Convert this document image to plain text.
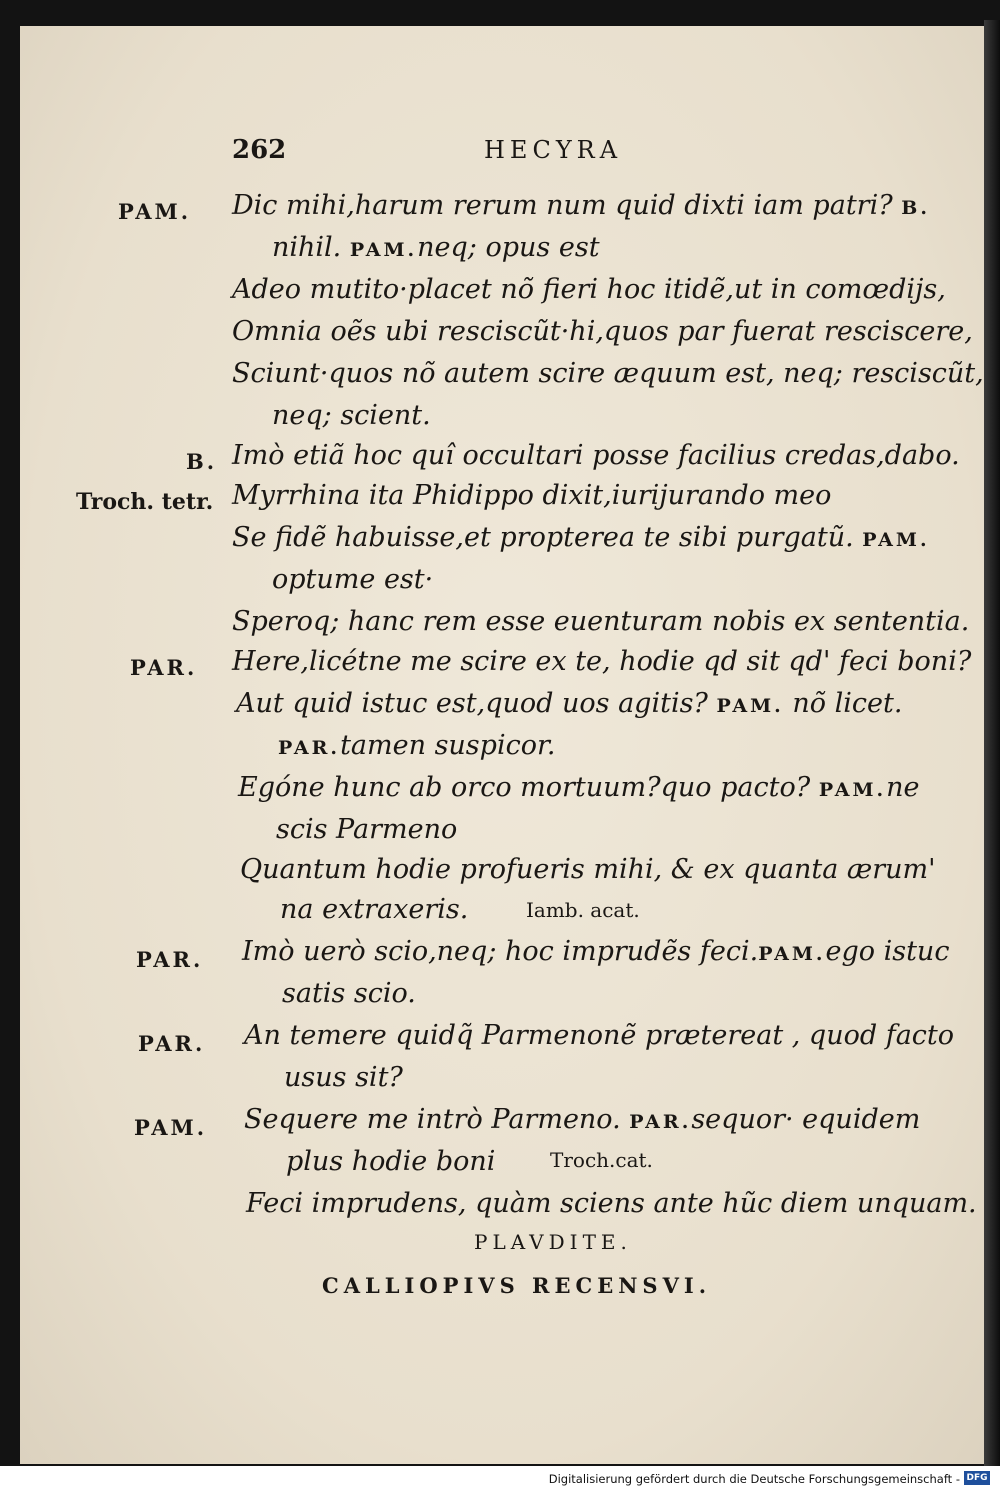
262	HECYRA
PAM. Dic mihi,harum rerum num quid dixti iam patri? B.
nihil. PAM.neq; opus est
Adeo mutito·placet nõ fieri hoc itidẽ,ut in comœdijs,
Omnia oẽs ubi resciscũt·hi,quos par fuerat resciscere,
Sciunt·quos nõ autem scire æquum est, neq; resciscũt,
neq; scient.
B. Imò etiã hoc quî occultari posse facilius credas,dabo.
Troch. tetr. Myrrhina ita Phidippo dixit,iurijurando meo
Se fidẽ habuisse,et propterea te sibi purgatũ. PAM.
optume est·
Speroq; hanc rem esse euenturam nobis ex sententia.
PAR. Here,licétne me scire ex te, hodie qd sit qd' feci boni?
Aut quid istuc est,quod uos agitis? PAM. nõ licet.
PAR.tamen suspicor.
Egóne hunc ab orco mortuum?quo pacto? PAM.ne
scis Parmeno
Quantum hodie profueris mihi, & ex quanta ærum'
na extraxeris.	Iamb. acat.
PAR. Imò uerò scio,neq; hoc imprudẽs feci.PAM.ego istuc
satis scio.
PAR. An temere quidq̃ Parmenonẽ prætereat , quod facto
usus sit?
PAM. Sequere me intrò Parmeno. PAR.sequor· equidem
plus hodie boni	Troch.cat.
Feci imprudens, quàm sciens ante hũc diem unquam.
PLAVDITE.
CALLIOPIVS RECENSVI.
Digitalisierung gefördert durch die Deutsche Forschungsgemeinschaft - DFG
